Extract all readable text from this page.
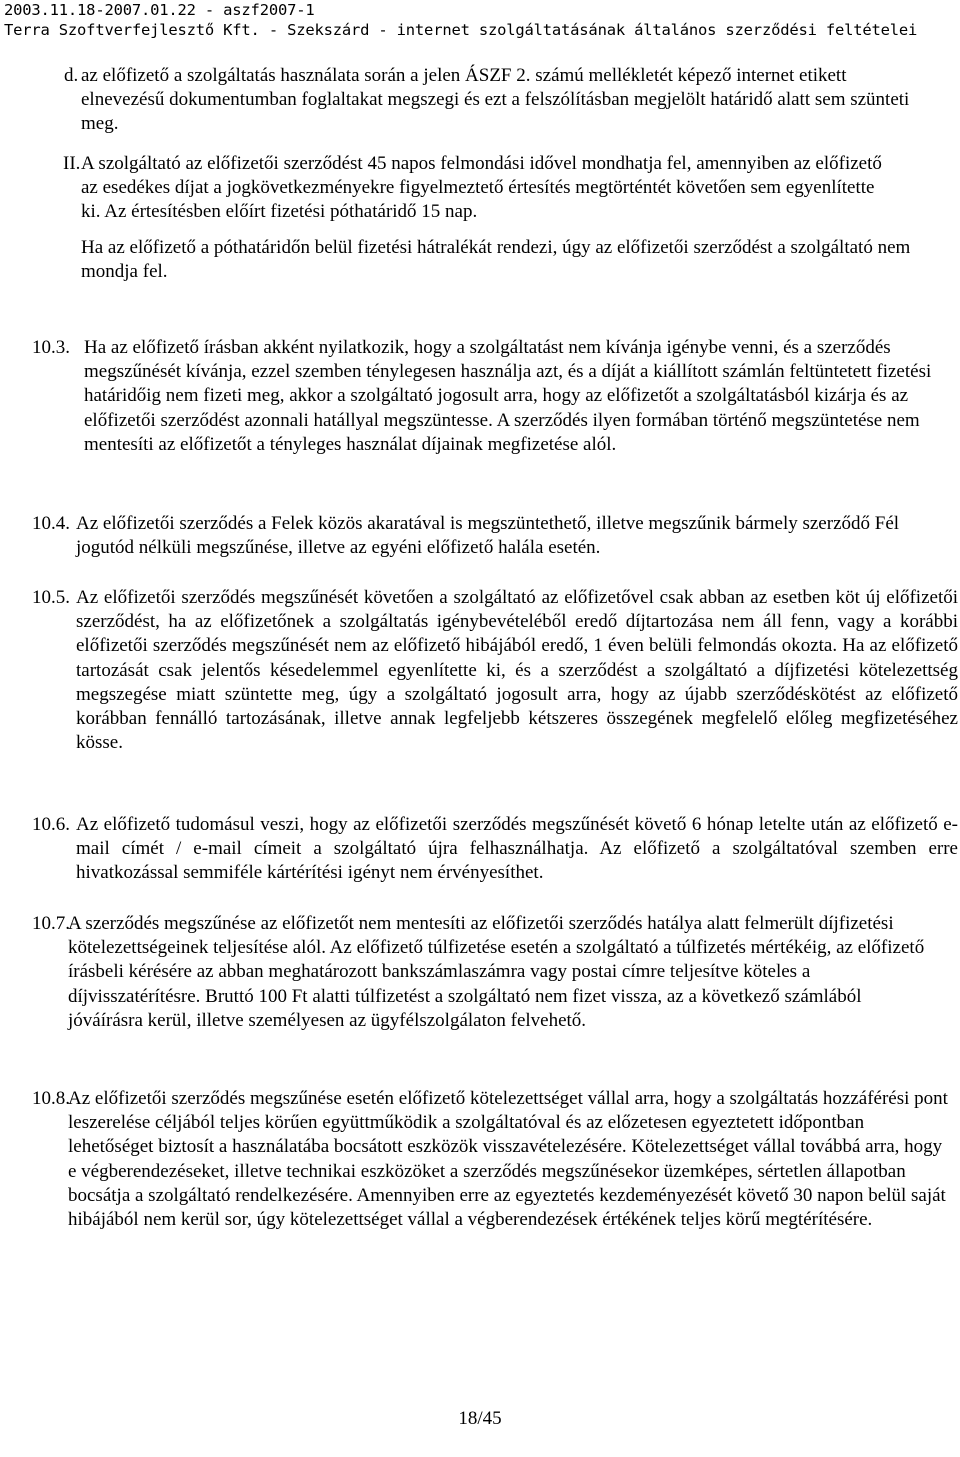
2003.11.18-2007.01.22 - aszf2007-1
Terra Szoftverfejlesztő Kft. - Szekszárd - internet szolgáltatásának általános szerződési feltételei
d. az előfizető a szolgáltatás használata során a jelen ÁSZF 2. számú mellékletét képező internet etikett elnevezésű dokumentumban foglaltakat megszegi és ezt a felszólításban megjelölt határidő alatt sem szünteti meg.

II. A szolgáltató az előfizetői szerződést 45 napos felmondási idővel mondhatja fel, amennyiben az előfizető az esedékes díjat a jogkövetkezményekre figyelmeztető értesítés megtörténtét követően sem egyenlítette ki. Az értesítésben előírt fizetési póthatáridő 15 nap.

Ha az előfizető a póthatáridőn belül fizetési hátralékát rendezi, úgy az előfizetői szerződést a szolgáltató nem mondja fel.

10.3. Ha az előfizető írásban akként nyilatkozik, hogy a szolgáltatást nem kívánja igénybe venni, és a szerződés megszűnését kívánja, ezzel szemben ténylegesen használja azt, és a díját a kiállított számlán feltüntetett fizetési határidőig nem fizeti meg, akkor a szolgáltató jogosult arra, hogy az előfizetőt a szolgáltatásból kizárja és az előfizetői szerződést azonnali hatállyal megszüntesse. A szerződés ilyen formában történő megszüntetése nem mentesíti az előfizetőt a tényleges használat díjainak megfizetése alól.

10.4. Az előfizetői szerződés a Felek közös akaratával is megszüntethető, illetve megszűnik bármely szerződő Fél jogutód nélküli megszűnése, illetve az egyéni előfizető halála esetén.

10.5. Az előfizetői szerződés megszűnését követően a szolgáltató az előfizetővel csak abban az esetben köt új előfizetői szerződést, ha az előfizetőnek a szolgáltatás igénybevételéből eredő díjtartozása nem áll fenn, vagy a korábbi előfizetői szerződés megszűnését nem az előfizető hibájából eredő, 1 éven belüli felmondás okozta. Ha az előfizető tartozását csak jelentős késedelemmel egyenlítette ki, és a szerződést a szolgáltató a díjfizetési kötelezettség megszegése miatt szüntette meg, úgy a szolgáltató jogosult arra, hogy az újabb szerződéskötést az előfizető korábban fennálló tartozásának, illetve annak legfeljebb kétszeres összegének megfelelő előleg megfizetéséhez kösse.

10.6. Az előfizető tudomásul veszi, hogy az előfizetői szerződés megszűnését követő 6 hónap letelte után az előfizető e-mail címét / e-mail címeit a szolgáltató újra felhasználhatja. Az előfizető a szolgáltatóval szemben erre hivatkozással semmiféle kártérítési igényt nem érvényesíthet.

10.7.

A szerződés megszűnése az előfizetőt nem mentesíti az előfizetői szerződés hatálya alatt felmerült díjfizetési kötelezettségeinek teljesítése alól. Az előfizető túlfizetése esetén a szolgáltató a túlfizetés mértékéig, az előfizető írásbeli kérésére az abban meghatározott bankszámlaszámra vagy postai címre teljesítve köteles a díjvisszatérítésre. Bruttó 100 Ft alatti túlfizetést a szolgáltató nem fizet vissza, az a következő számlából jóváírásra kerül, illetve személyesen az ügyfélszolgálaton felvehető.

10.8.

Az előfizetői szerződés megszűnése esetén előfizető kötelezettséget vállal arra, hogy a szolgáltatás hozzáférési pont leszerelése céljából teljes körűen együttműködik a szolgáltatóval és az előzetesen egyeztetett időpontban lehetőséget biztosít a használatába bocsátott eszközök visszavételezésére. Kötelezettséget vállal továbbá arra, hogy e végberendezéseket, illetve technikai eszközöket a szerződés megszűnésekor üzemképes, sértetlen állapotban bocsátja a szolgáltató rendelkezésére. Amennyiben erre az egyeztetés kezdeményezését követő 30 napon belül saját hibájából nem kerül sor, úgy kötelezettséget vállal a végberendezések értékének teljes körű megtérítésére.

18/45
